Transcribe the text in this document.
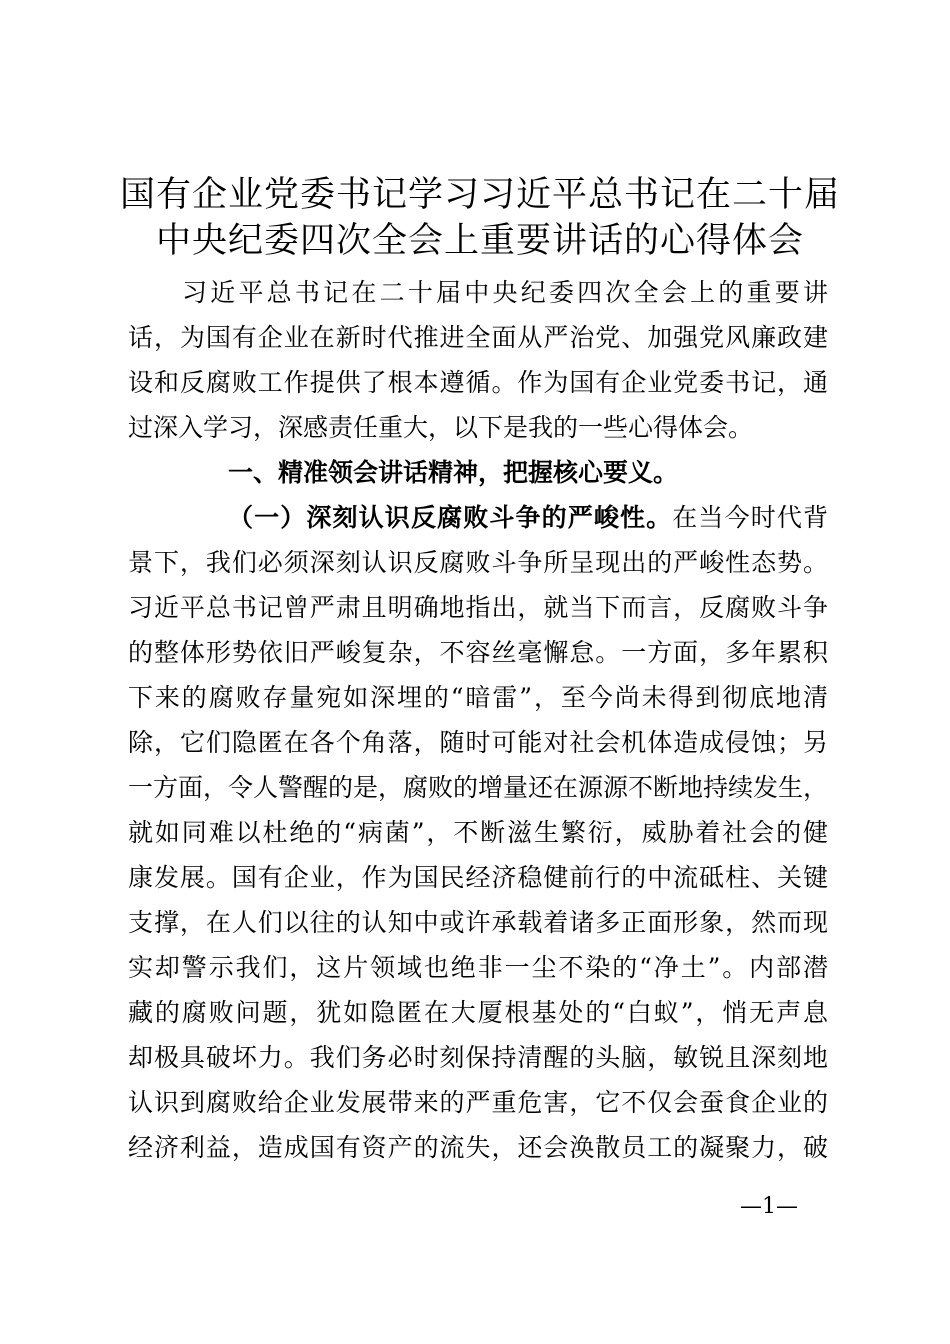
国有企业党委书记学习习近平总书记在二十届
中央纪委四次全会上重要讲话的心得体会
习近平总书记在二十届中央纪委四次全会上的重要讲
话，为国有企业在新时代推进全面从严治党、加强党风廉政建
设和反腐败工作提供了根本遵循。作为国有企业党委书记，通
过深入学习，深感责任重大，以下是我的一些心得体会。
一、精准领会讲话精神，把握核心要义。
（一）深刻认识反腐败斗争的严峻性。在当今时代背
景下，我们必须深刻认识反腐败斗争所呈现出的严峻性态势。
习近平总书记曾严肃且明确地指出，就当下而言，反腐败斗争
的整体形势依旧严峻复杂，不容丝毫懈怠。一方面，多年累积
下来的腐败存量宛如深埋的“暗雷”，至今尚未得到彻底地清
除，它们隐匿在各个角落，随时可能对社会机体造成侵蚀；另
一方面，令人警醒的是，腐败的增量还在源源不断地持续发生，
就如同难以杜绝的“病菌”，不断滋生繁衍，威胁着社会的健
康发展。国有企业，作为国民经济稳健前行的中流砥柱、关键
支撑，在人们以往的认知中或许承载着诸多正面形象，然而现
实却警示我们，这片领域也绝非一尘不染的“净土”。内部潜
藏的腐败问题，犹如隐匿在大厦根基处的“白蚁”，悄无声息
却极具破坏力。我们务必时刻保持清醒的头脑，敏锐且深刻地
认识到腐败给企业发展带来的严重危害，它不仅会蚕食企业的
经济利益，造成国有资产的流失，还会涣散员工的凝聚力，破
—1—
